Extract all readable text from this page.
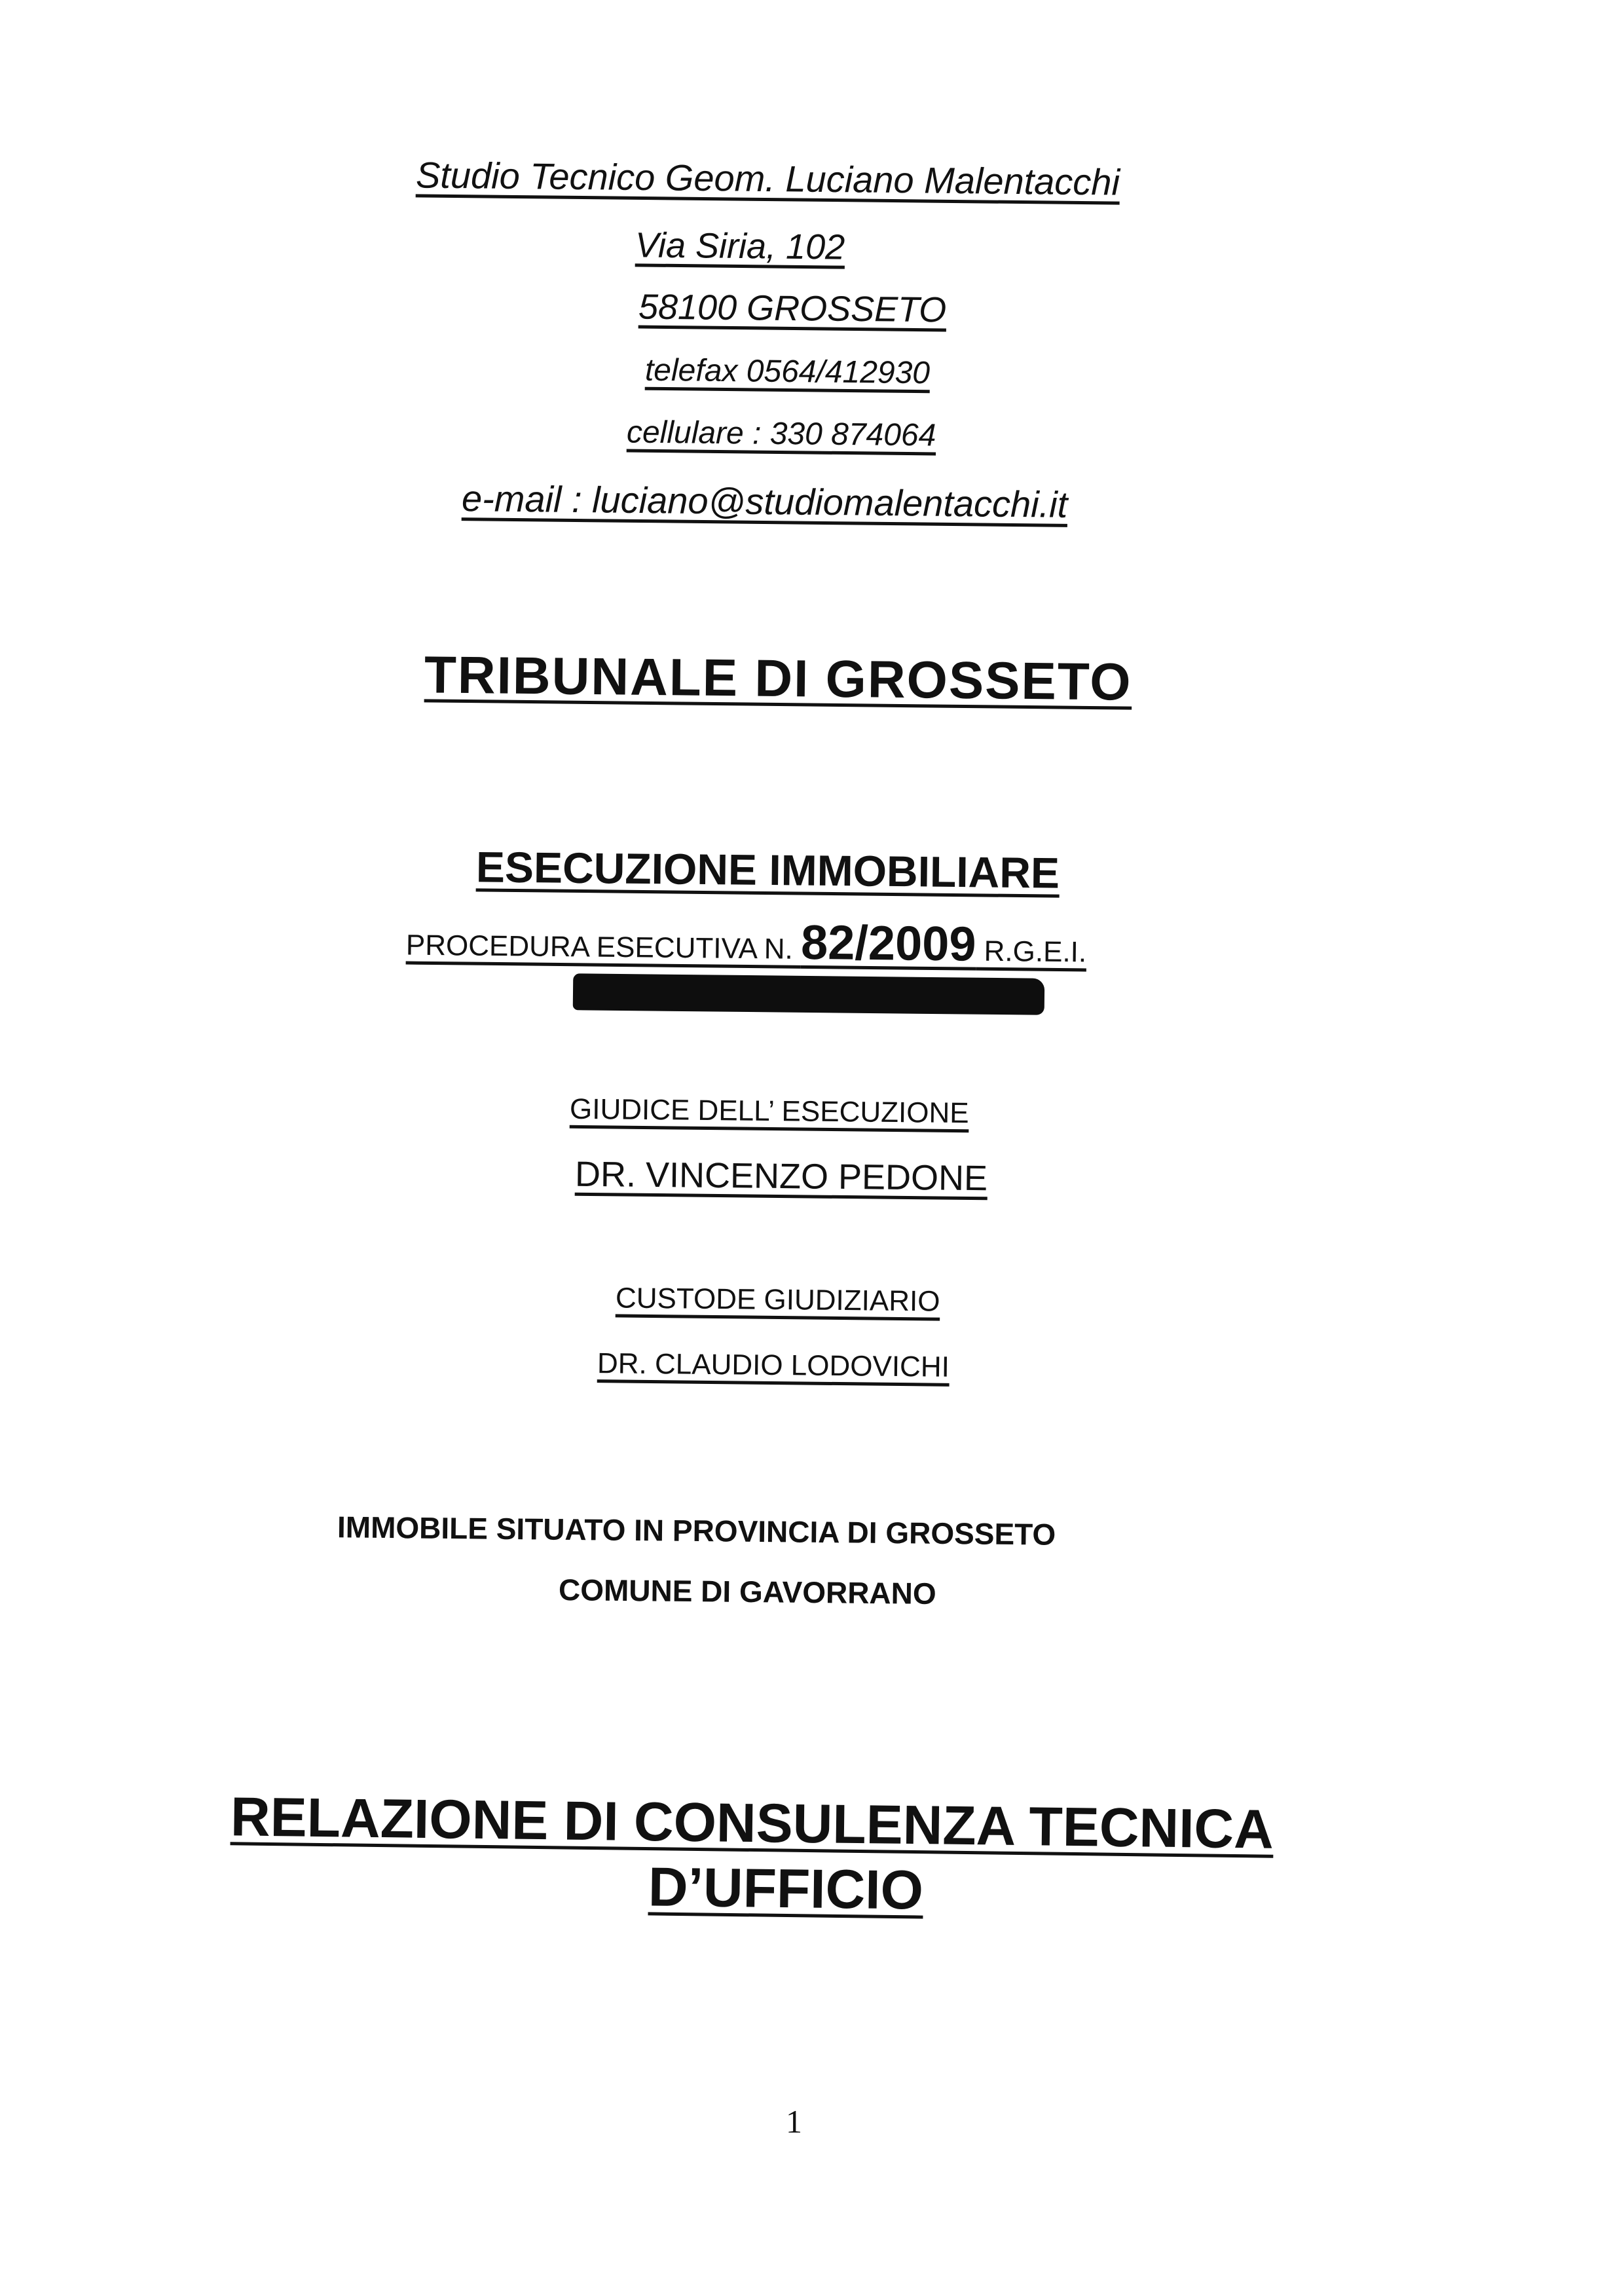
Studio Tecnico Geom. Luciano Malentacchi
Via Siria, 102
58100 GROSSETO
telefax 0564/412930
cellulare : 330 874064
e-mail : luciano@studiomalentacchi.it
TRIBUNALE DI GROSSETO
ESECUZIONE IMMOBILIARE
PROCEDURA ESECUTIVA N. 82/2009 R.G.E.I.
GIUDICE DELL’ ESECUZIONE
DR. VINCENZO PEDONE
CUSTODE GIUDIZIARIO
DR. CLAUDIO LODOVICHI
IMMOBILE SITUATO IN PROVINCIA DI GROSSETO
COMUNE DI GAVORRANO
RELAZIONE DI CONSULENZA TECNICA
D’UFFICIO
1
